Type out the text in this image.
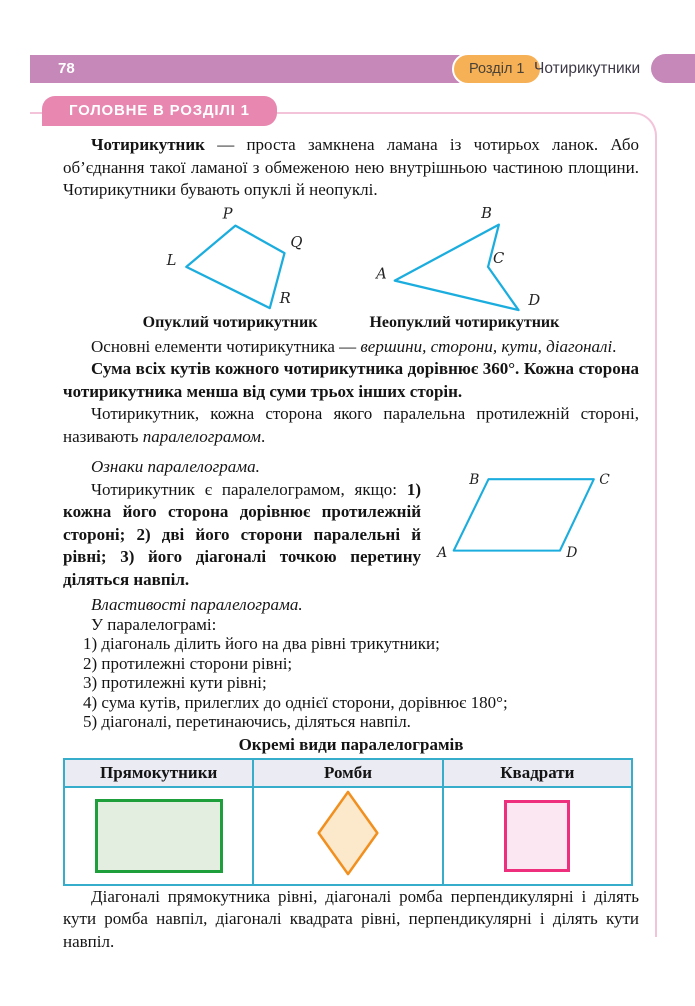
78	Розділ 1 Чотирикутники
ГОЛОВНЕ В РОЗДІЛІ 1

Чотирикутник — проста замкнена ламана із чотирьох ланок. Або об’єднання такої ламаної з обмеженою нею внутрішньою частиною площини. Чотирикутники бувають опуклі й неопуклі.

P
Q
L
R
Опуклий чотирикутник
A
B
C
D
Неопуклий чотирикутник

Основні елементи чотирикутника — вершини, сторони, кути, діагоналі.

Сума всіх кутів кожного чотирикутника дорівнює 360°. Кожна сторона чотирикутника менша від суми трьох інших сторін.

Чотирикутник, кожна сторона якого паралельна протилежній стороні, називають паралелограмом.

Ознаки паралелограма.

Чотирикутник є паралелограмом, якщо: 1) кожна його сторона дорівнює протилежній стороні; 2) дві його сторони паралельні й рівні; 3) його діагоналі точкою перетину діляться навпіл.

B	C
A	D

Властивості паралелограма.

У паралелограмі:

1) діагональ ділить його на два рівні трикутники;
2) протилежні сторони рівні;
3) протилежні кути рівні;
4) сума кутів, прилеглих до однієї сторони, дорівнює 180°;
5) діагоналі, перетинаючись, діляться навпіл.
Окремі види паралелограмів
Прямокутники	Ромби	Квадрати

Діагоналі прямокутника рівні, діагоналі ромба перпендикулярні і ділять кути ромба навпіл, діагоналі квадрата рівні, перпендикулярні і ділять кути навпіл.
